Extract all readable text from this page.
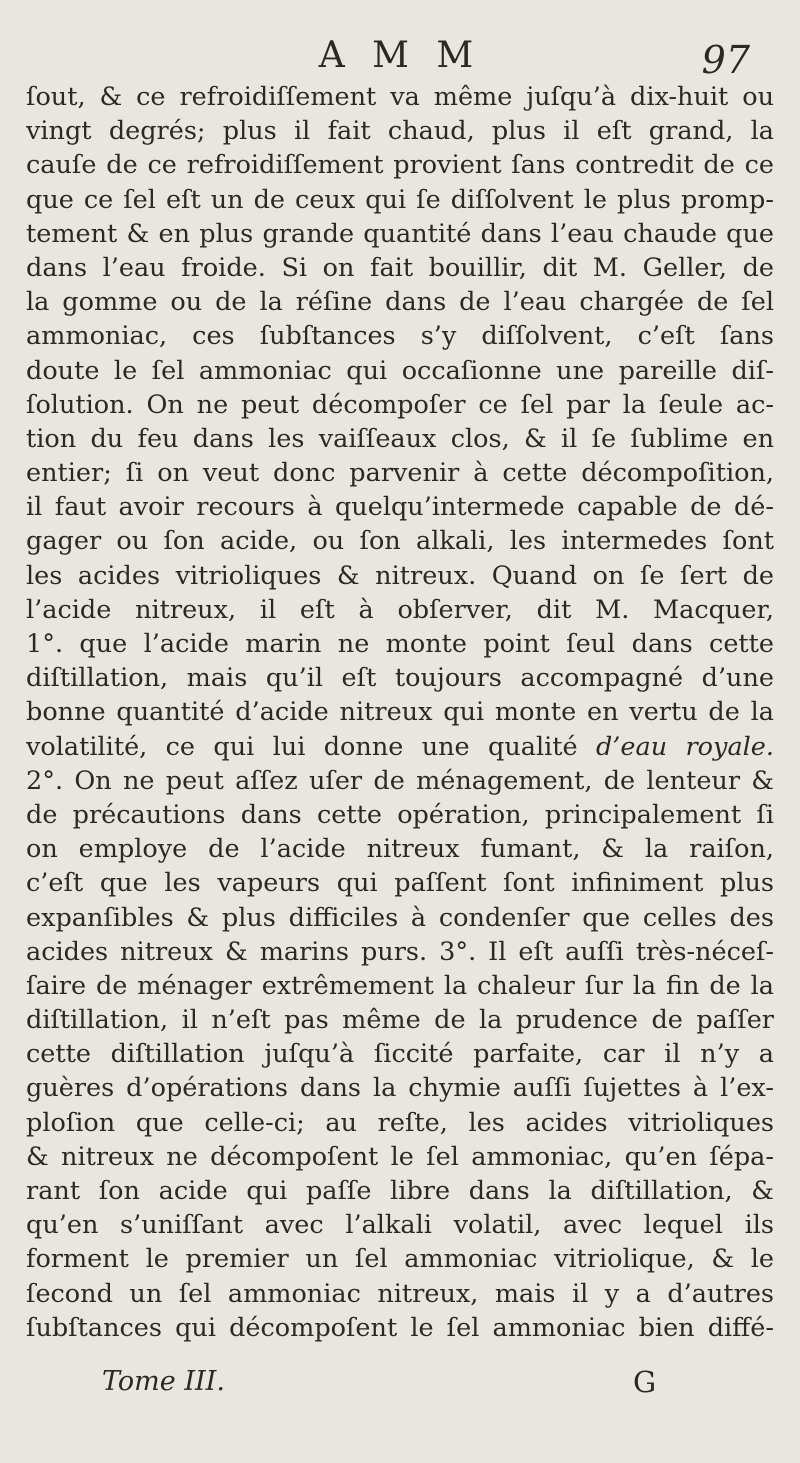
A M M	97
ſout, & ce refroidiſſement va même juſqu’à dix-huit ou
vingt degrés; plus il fait chaud, plus il eſt grand, la
cauſe de ce refroidiſſement provient ſans contredit de ce
que ce ſel eſt un de ceux qui ſe diſſolvent le plus promp-
tement & en plus grande quantité dans l’eau chaude que
dans l’eau froide. Si on fait bouillir, dit M. Geller, de
la gomme ou de la réſine dans de l’eau chargée de ſel
ammoniac, ces ſubſtances s’y diſſolvent, c’eſt ſans
doute le ſel ammoniac qui occaſionne une pareille diſ-
ſolution. On ne peut décompoſer ce ſel par la ſeule ac-
tion du feu dans les vaiſſeaux clos, & il ſe ſublime en
entier; ſi on veut donc parvenir à cette décompoſition,
il faut avoir recours à quelqu’intermede capable de dé-
gager ou ſon acide, ou ſon alkali, les intermedes ſont
les acides vitrioliques & nitreux. Quand on ſe ſert de
l’acide nitreux, il eſt à obſerver, dit M. Macquer,
1°. que l’acide marin ne monte point ſeul dans cette
diſtillation, mais qu’il eſt toujours accompagné d’une
bonne quantité d’acide nitreux qui monte en vertu de la
volatilité, ce qui lui donne une qualité d’eau royale.
2°. On ne peut aſſez uſer de ménagement, de lenteur &
de précautions dans cette opération, principalement ſi
on employe de l’acide nitreux fumant, & la raiſon,
c’eſt que les vapeurs qui paſſent ſont infiniment plus
expanſibles & plus difficiles à condenſer que celles des
acides nitreux & marins purs. 3°. Il eſt auſſi très-néceſ-
ſaire de ménager extrêmement la chaleur ſur la fin de la
diſtillation, il n’eſt pas même de la prudence de paſſer
cette diſtillation juſqu’à ſiccité parfaite, car il n’y a
guères d’opérations dans la chymie auſſi ſujettes à l’ex-
ploſion que celle-ci; au reſte, les acides vitrioliques
& nitreux ne décompoſent le ſel ammoniac, qu’en ſépa-
rant ſon acide qui paſſe libre dans la diſtillation, &
qu’en s’uniſſant avec l’alkali volatil, avec lequel ils
forment le premier un ſel ammoniac vitriolique, & le
ſecond un ſel ammoniac nitreux, mais il y a d’autres
ſubſtances qui décompoſent le ſel ammoniac bien diffé-
Tome III.	G
